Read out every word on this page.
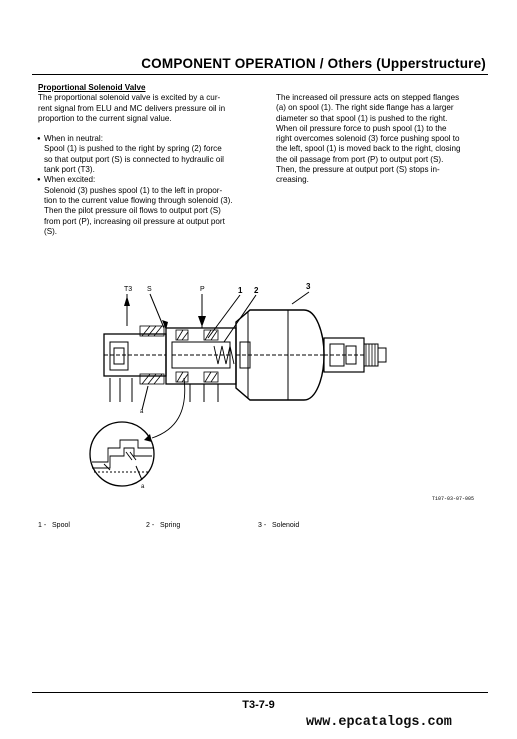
COMPONENT OPERATION / Others (Upperstructure)

Proportional Solenoid Valve

The proportional solenoid valve is excited by a cur-

rent signal from ELU and MC delivers pressure oil in

proportion to the current signal value.

● When in neutral:

Spool (1) is pushed to the right by spring (2) force

so that output port (S) is connected to hydraulic oil

tank port (T3).

● When excited:

Solenoid (3) pushes spool (1) to the left in propor-

tion to the current value flowing through solenoid (3).

Then the pilot pressure oil flows to output port (S)

from port (P), increasing oil pressure at output port

(S).

The increased oil pressure acts on stepped flanges

(a) on spool (1). The right side flange has a larger

diameter so that spool (1) is pushed to the right.

When oil pressure force to push spool (1) to the

right overcomes solenoid (3) force pushing spool to

the left, spool (1) is moved back to the right, closing

the oil passage from port (P) to output port (S).

Then, the pressure at output port (S) stops in-

creasing.

T3 S	P	1 2	3
a
a
T107-03-07-005
1 - Spool	2 - Spring	3 - Solenoid
T3-7-9
www.epcatalogs.com
